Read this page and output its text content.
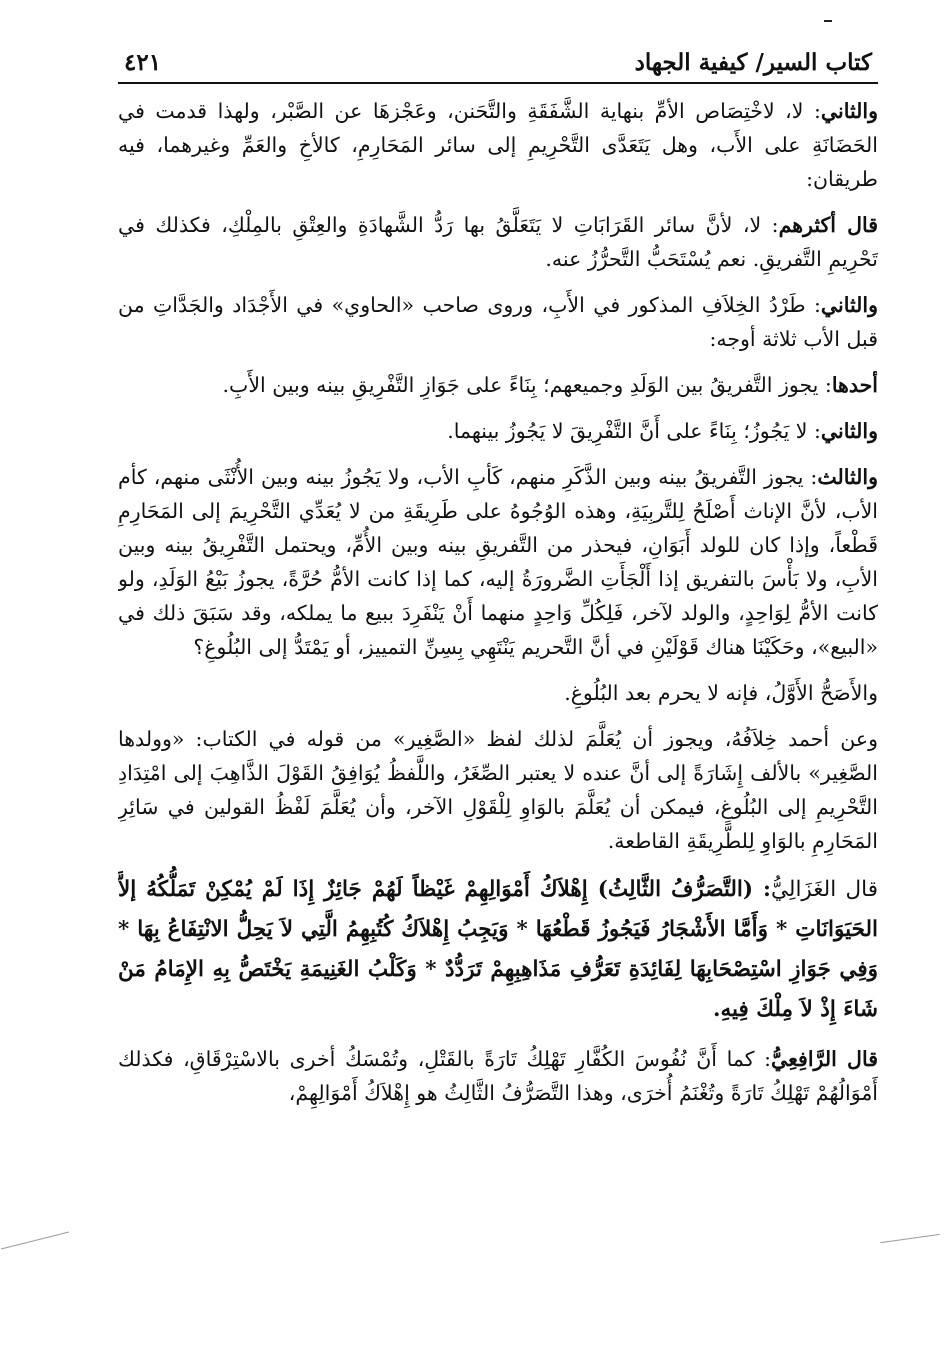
كتاب السير/ كيفية الجهاد
٤٢١

والثاني: لا، لاخْتِصَاص الأمِّ بنهاية الشَّفَقَةِ والتَّحَنن، وعَجْزهَا عن الصَّبْر، ولهذا قدمت في الحَضَانَةِ على الأَب، وهل يَتَعَدَّى التَّحْرِيمِ إلى سائر المَحَارِمِ، كالأخِ والعَمِّ وغيرهما، فيه طريقان:

قال أكثرهم: لا، لأنَّ سائر القَرَابَاتِ لا يَتَعَلَّقُ بها رَدُّ الشَّهادَةِ والعِتْقِ بالمِلْكِ، فكذلك في تَحْرِيمِ التَّفريقِ. نعم يُسْتَحَبُّ التَّحرُّزُ عنه.

والثاني: طَرْدُ الخِلاَفِ المذكور في الأَبِ، وروى صاحب «الحاوي» في الأَجْدَاد والجَدَّاتِ من قبل الأب ثلاثة أوجه:

أحدها: يجوز التَّفريقُ بين الوَلَدِ وجميعهم؛ بِنَاءً على جَوَازِ التَّفْرِيقِ بينه وبين الأَبِ.

والثاني: لا يَجُوزُ؛ بِنَاءً على أَنَّ التَّفْرِيقَ لا يَجُوزُ بينهما.

والثالث: يجوز التَّفريقُ بينه وبين الذَّكَرِ منهم، كَأبِ الأب، ولا يَجُوزُ بينه وبين الأُنْثَى منهم، كأم الأب، لأنَّ الإناث أَصْلَحُ لِلتَّربِيَةِ، وهذه الوُجُوهُ على طَرِيقَةِ من لا يُعَدِّي التَّحْرِيمَ إلى المَحَارِمِ قَطْعاً، وإذا كان للولد أَبَوَانِ، فيحذر من التَّفريقِ بينه وبين الأُمِّ، ويحتمل التَّفْرِيقُ بينه وبين الأبِ، ولا بَأْسَ بالتفريق إذا أَلْجَأَتِ الضَّرورَةُ إليه، كما إذا كانت الأمُّ حُرَّةً، يجوزُ بَيْعُ الوَلَدِ، ولو كانت الأمُّ لِوَاحِدٍ، والولد لآخر، فَلِكُلِّ وَاحِدٍ منهما أَنْ يَنْفَرِدَ ببيع ما يملكه، وقد سَبَقَ ذلك في «البيع»، وحَكَيْنَا هناك قَوْلَيْنِ في أنَّ التَّحريم يَنْتَهِي بِسِنِّ التمييز، أو يَمْتَدُّ إلى البُلُوغِ؟

والأَصَحُّ الأَوَّلُ، فإنه لا يحرم بعد البُلُوغِ.

وعن أحمد خِلاَفُهُ، ويجوز أن يُعَلَّمَ لذلك لفظ «الصَّغِير» من قوله في الكتاب: «وولدها الصَّغِير» بالألف إِشَارَةً إلى أنَّ عنده لا يعتبر الصِّغَرُ، واللَّفظُ يُوَافِقُ القَوْلَ الذَّاهِبَ إلى امْتِدَادِ التَّحْرِيمِ إلى البُلُوغِ، فيمكن أن يُعَلَّمَ بالوَاوِ لِلْقَوْلِ الآخر، وأن يُعَلَّمَ لَفْظُ القولين في سَائِرِ المَحَارِمِ بالوَاوِ لِلطَّرِيقَةِ القاطعة.

قال الغَزَالِيُّ: (التَّصَرُّفُ الثَّالِثُ) إِهْلاَكُ أَمْوَالِهِمْ غَيْظاً لَهُمْ جَائِزٌ إِذَا لَمْ يُمْكِنْ تَمَلُّكُهُ إلاَّ الحَيَوَانَاتِ * وَأَمَّا الأَشْجَارُ فَيَجُوزُ قَطْعُهَا * وَيَجِبُ إِهْلاَكُ كُتُبِهِمُ الَّتِي لاَ يَحِلُّ الانْتِفَاعُ بِهَا * وَفِي جَوَازِ اسْتِصْحَابِهَا لِفَائِدَةِ تَعَرُّفِ مَذَاهِبِهِمْ تَرَدُّدٌ * وَكَلْبُ الغَنِيمَةِ يَخْتَصُّ بِهِ الإِمَامُ مَنْ شَاءَ إِذْ لاَ مِلْكَ فِيهِ.

قال الرَّافِعِيُّ: كما أَنَّ نُفُوسَ الكُفَّارِ تَهْلِكُ تَارَةً بالقَتْلِ، وتُمْسَكُ أخرى بالاسْتِرْقَاقِ، فكذلك أَمْوَالُهُمْ تَهْلِكُ تَارَةً وتُغْنَمُ أُخرَى، وهذا التَّصَرُّفُ الثَّالِثُ هو إِهْلاَكُ أَمْوَالِهِمْ،
